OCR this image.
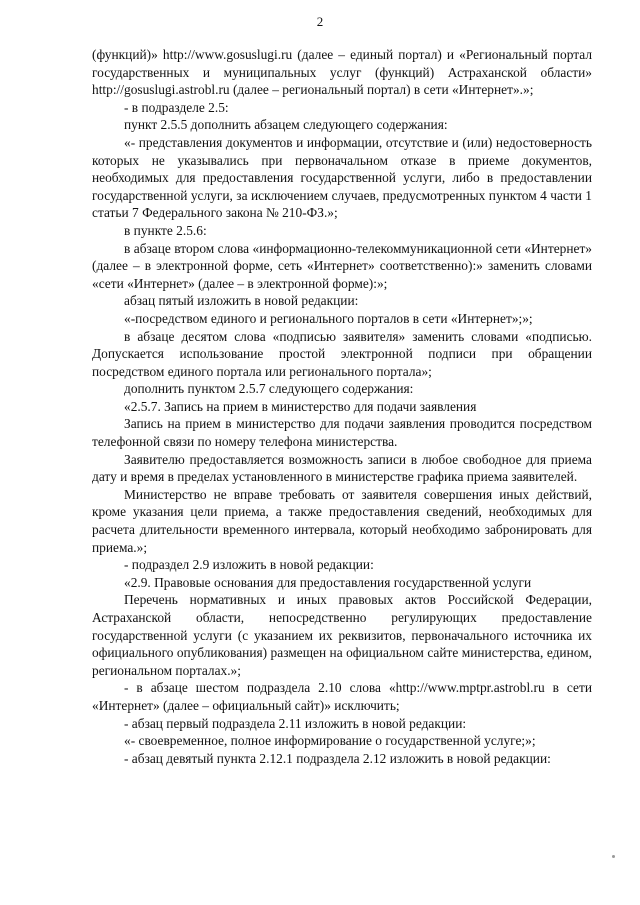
2

(функций)» http://www.gosuslugi.ru (далее – единый портал) и «Региональный портал государственных и муниципальных услуг (функций) Астраханской области» http://gosuslugi.astrobl.ru (далее – региональный портал) в сети «Интернет».»;

- в подразделе 2.5:

пункт 2.5.5 дополнить абзацем следующего содержания:

«- представления документов и информации, отсутствие и (или) недостоверность которых не указывались при первоначальном отказе в приеме документов, необходимых для предоставления государственной услуги, либо в предоставлении государственной услуги, за исключением случаев, предусмотренных пунктом 4 части 1 статьи 7 Федерального закона № 210-ФЗ.»;

в пункте 2.5.6:

в абзаце втором слова «информационно-телекоммуникационной сети «Интернет» (далее – в электронной форме, сеть «Интернет» соответственно):» заменить словами «сети «Интернет» (далее – в электронной форме):»;

абзац пятый изложить в новой редакции:

«-посредством единого и регионального порталов в сети «Интернет»;»;

в абзаце десятом слова «подписью заявителя» заменить словами «подписью. Допускается использование простой электронной подписи при обращении посредством единого портала или регионального портала»;

дополнить пунктом 2.5.7 следующего содержания:

«2.5.7. Запись на прием в министерство для подачи заявления

Запись на прием в министерство для подачи заявления проводится посредством телефонной связи по номеру телефона министерства.

Заявителю предоставляется возможность записи в любое свободное для приема дату и время в пределах установленного в министерстве графика приема заявителей.

Министерство не вправе требовать от заявителя совершения иных действий, кроме указания цели приема, а также предоставления сведений, необходимых для расчета длительности временного интервала, который необходимо забронировать для приема.»;

- подраздел 2.9 изложить в новой редакции:

«2.9. Правовые основания для предоставления государственной услуги

Перечень нормативных и иных правовых актов Российской Федерации, Астраханской области, непосредственно регулирующих предоставление государственной услуги (с указанием их реквизитов, первоначального источника их официального опубликования) размещен на официальном сайте министерства, едином, региональном порталах.»;

- в абзаце шестом подраздела 2.10 слова «http://www.mptpr.astrobl.ru в сети «Интернет» (далее – официальный сайт)» исключить;

- абзац первый подраздела 2.11 изложить в новой редакции:

«- своевременное, полное информирование о государственной услуге;»;

- абзац девятый пункта 2.12.1 подраздела 2.12 изложить в новой редакции:
